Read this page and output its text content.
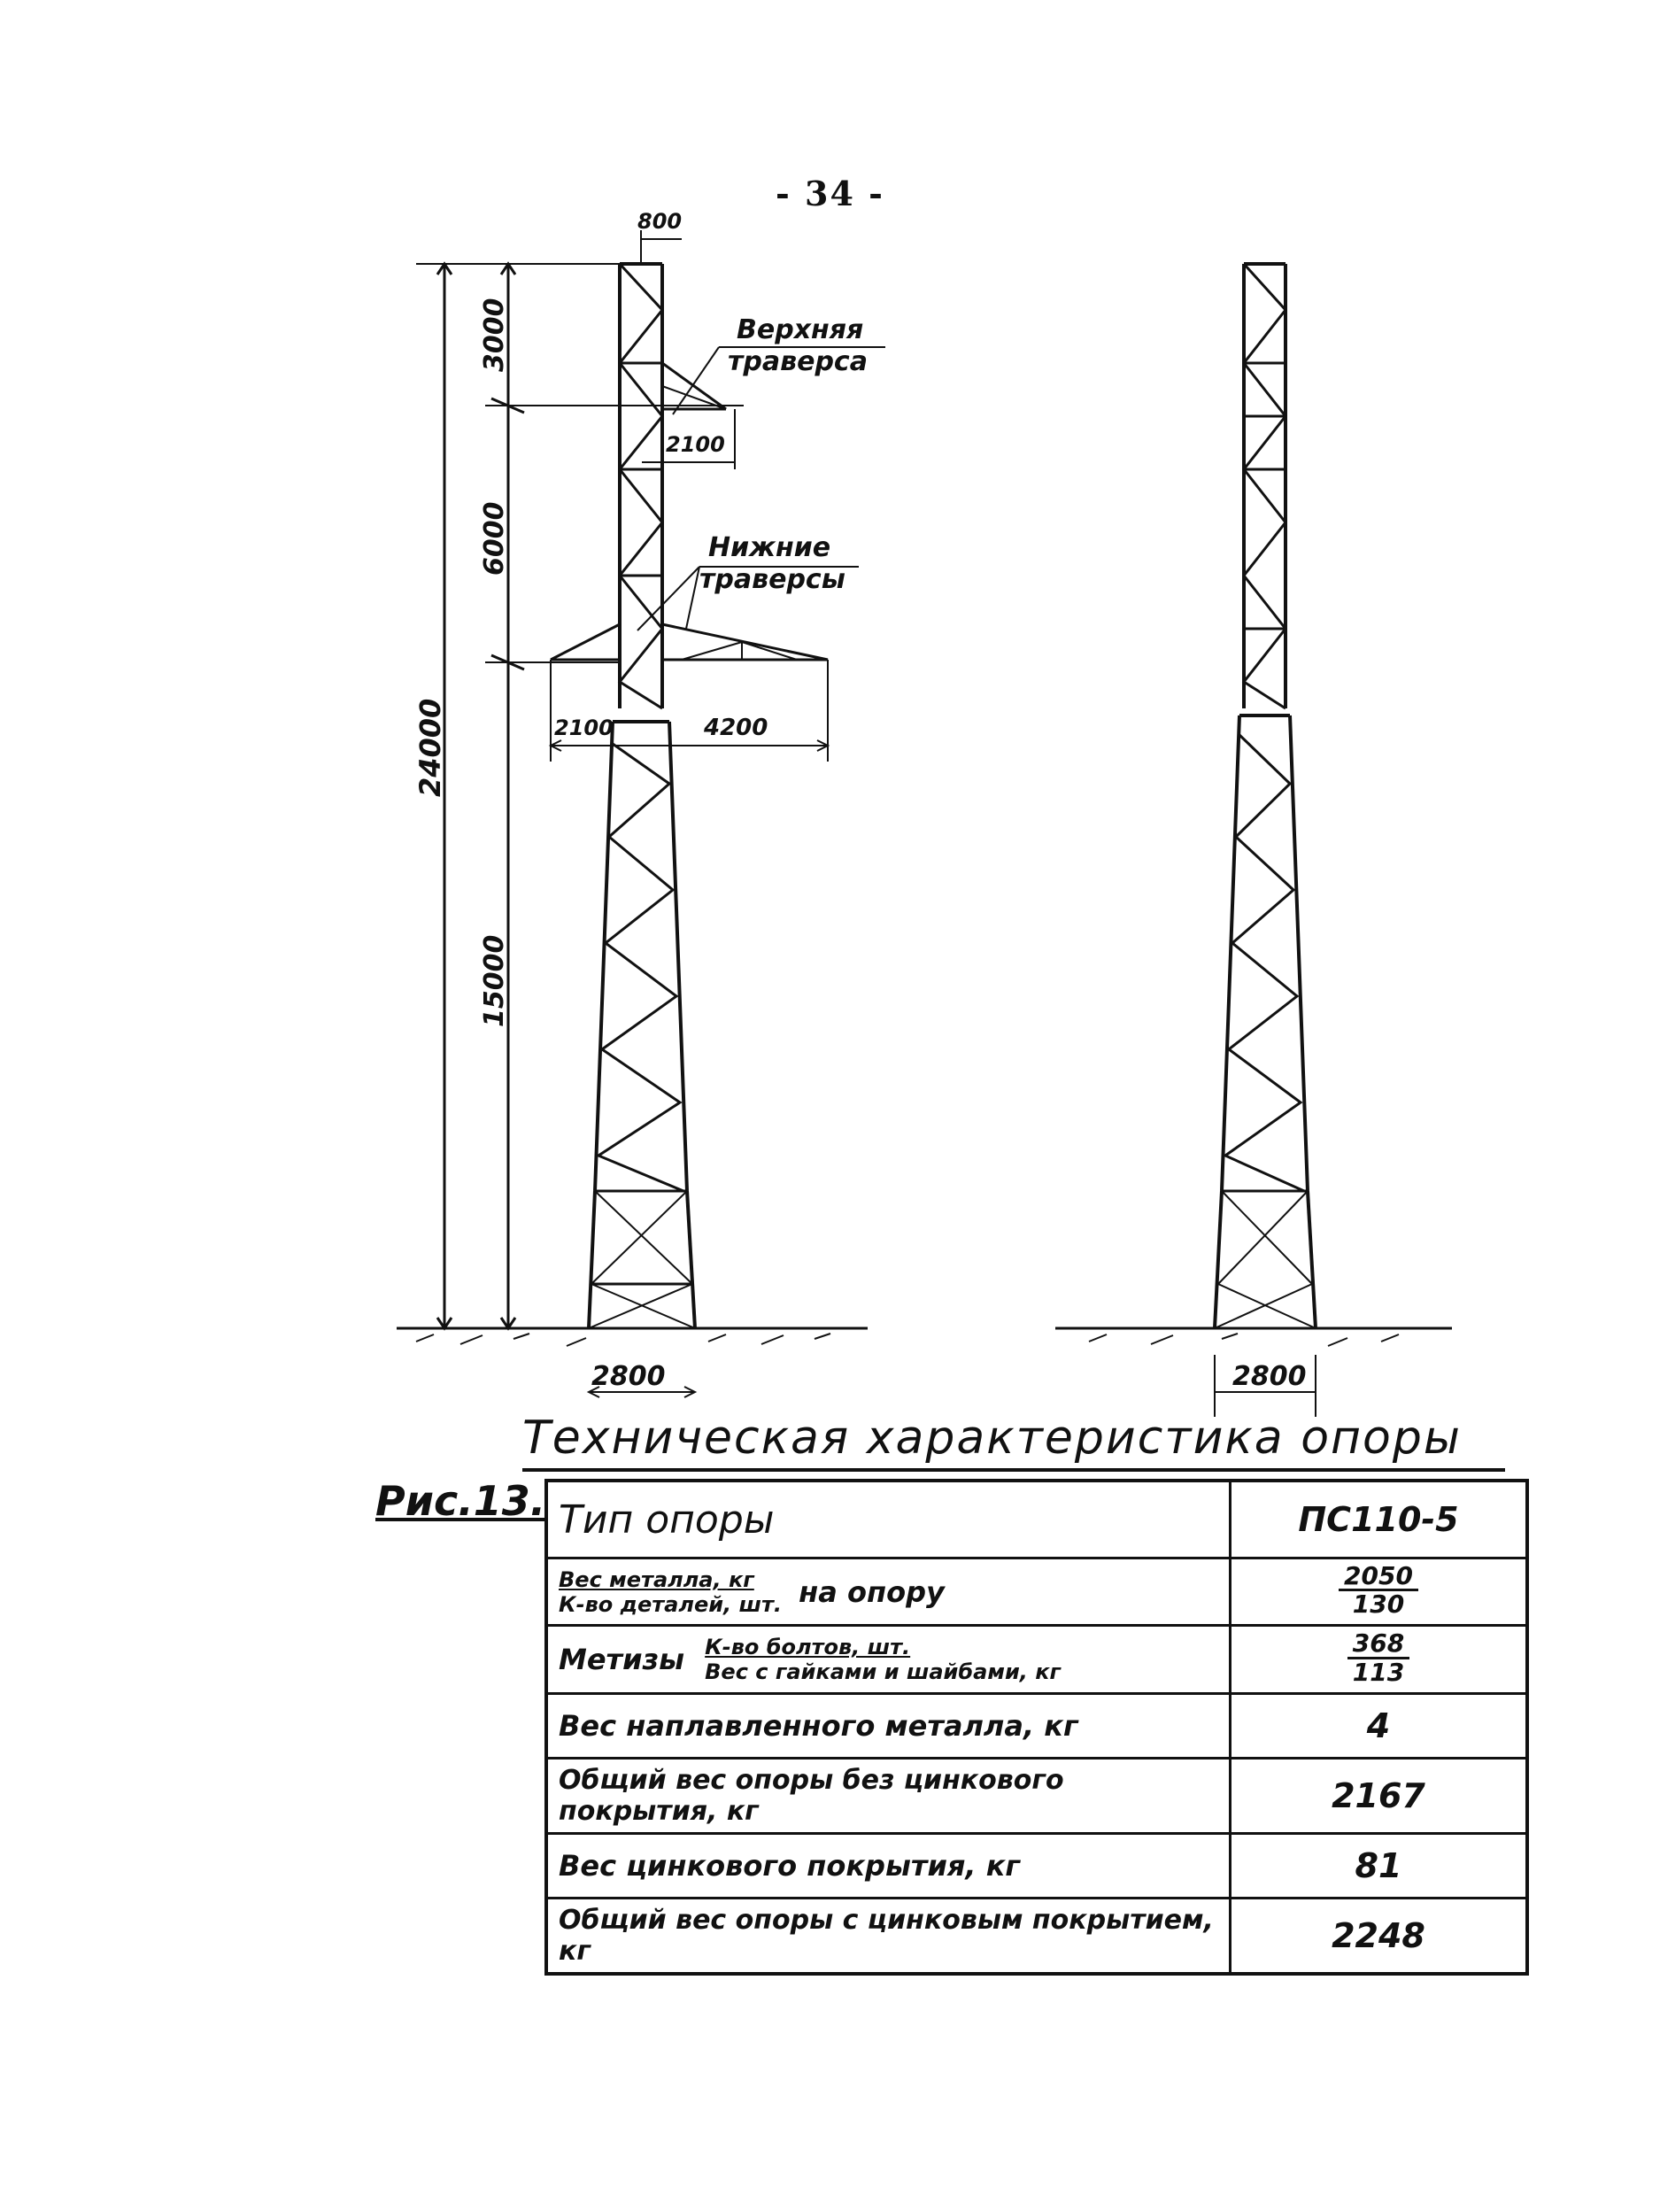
- 34 -
800
3000
6000
15000
24000
2100
2100	4200
2800	2800
Верхняя
траверса
Нижние
траверсы
Техническая характеристика опоры
Рис.13. Тип опоры	ПС110-5

Вес металла, кг
К-во деталей, шт. на опору	$\frac{2050}{130}$

Метизы К-во болтов, шт.
Вес с гайками и шайбами, кг	$\frac{368}{113}$

Вес наплавленного металла, кг	4
Общий вес опоры без цинкового покрытия, кг	2167
Вес цинкового покрытия, кг	81
Общий вес опоры с цинковым покрытием, кг	2248
